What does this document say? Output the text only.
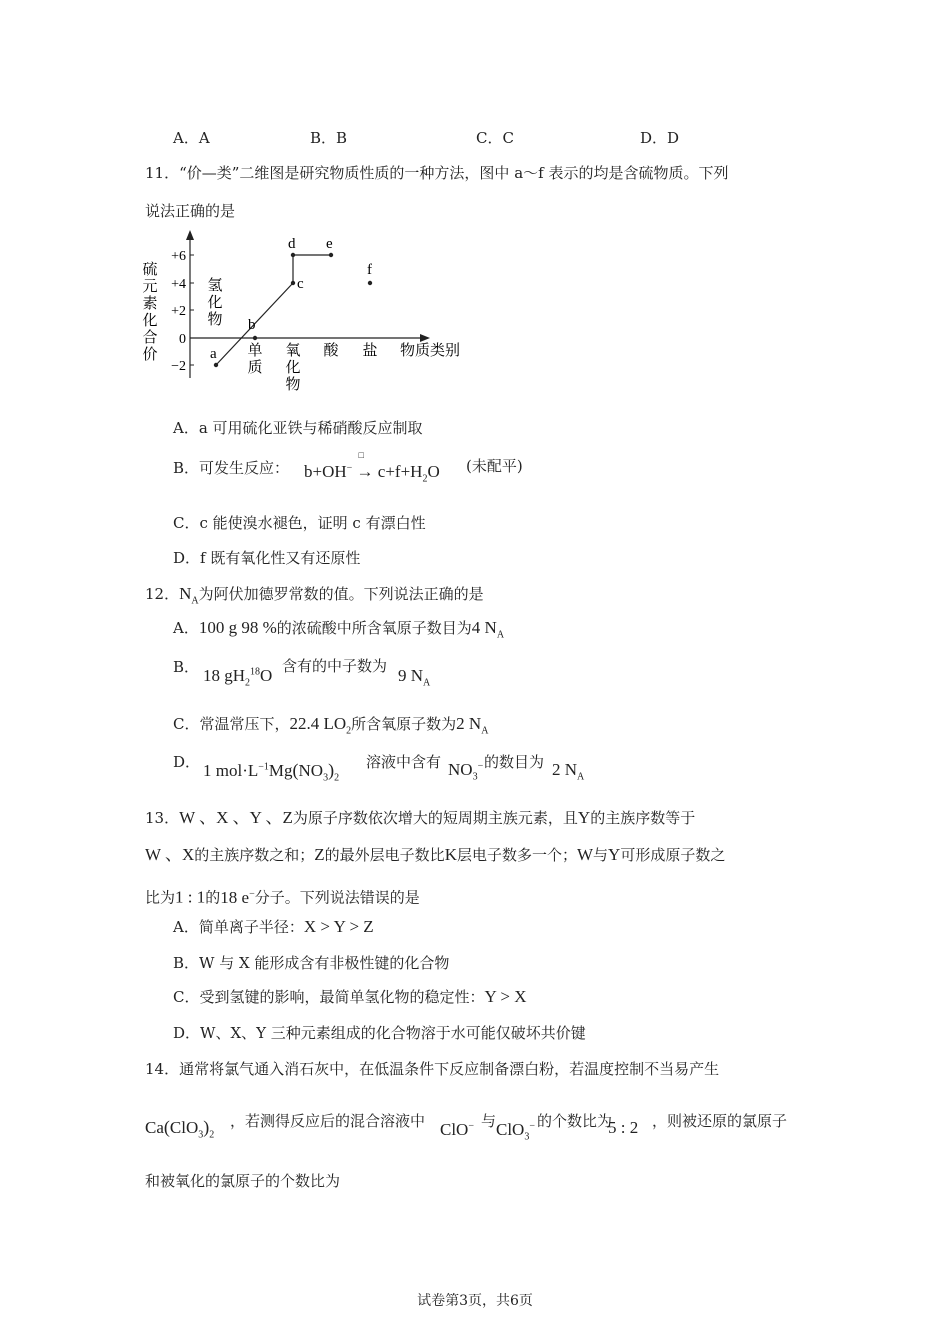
A．A	B．B	C．C	D．D
11．“价—类”二维图是研究物质性质的一种方法，图中 a～f 表示的均是含硫物质。下列
说法正确的是
硫
元
素
化
合
价
+6
+4
+2
0
−2
氢
化
物
单
质
氧
化
物
酸 盐 物质类别
a
b
c
d e
f
A．a 可用硫化亚铁与稀硝酸反应制取
B．可发生反应： b+OH− →
□
$c+f+H_2O$ (未配平)
C．c 能使溴水褪色，证明 c 有漂白性
D．f 既有氧化性又有还原性
12．$N_A$为阿伏加德罗常数的值。下列说法正确的是
A．100 g 98 %的浓硫酸中所含氧原子数目为4 $N_A$
B． 18 $gH_2^{18}O$ 含有的中子数为 9 $N_A$
C．常温常压下，22.4 $LO_2$所含氧原子数为2 $N_A$
D． 1 $mol\cdot L^{-1}Mg(NO_3)_2$
溶液中含有 $NO_3^-$ 的数目为 2 $N_A$
13．W 、X 、Y 、Z为原子序数依次增大的短周期主族元素，且Y的主族序数等于
W 、X的主族序数之和；Z的最外层电子数比K层电子数多一个；W与Y可形成原子数之
比为1 : 1的18 e−分子。下列说法错误的是
A．简单离子半径：X > Y > Z
B．W 与 X 能形成含有非极性键的化合物
C．受到氢键的影响，最简单氢化物的稳定性：Y > X
D．W、X、Y 三种元素组成的化合物溶于水可能仅破坏共价键
14．通常将氯气通入消石灰中，在低温条件下反应制备漂白粉，若温度控制不当易产生
$Ca(ClO_3)_2$
，若测得反应后的混合溶液中 ClO− 与 ClO$_3$− 的个数比为
5 : 2 ，则被还原的氯原子
和被氧化的氯原子的个数比为
试卷第3页，共6页
